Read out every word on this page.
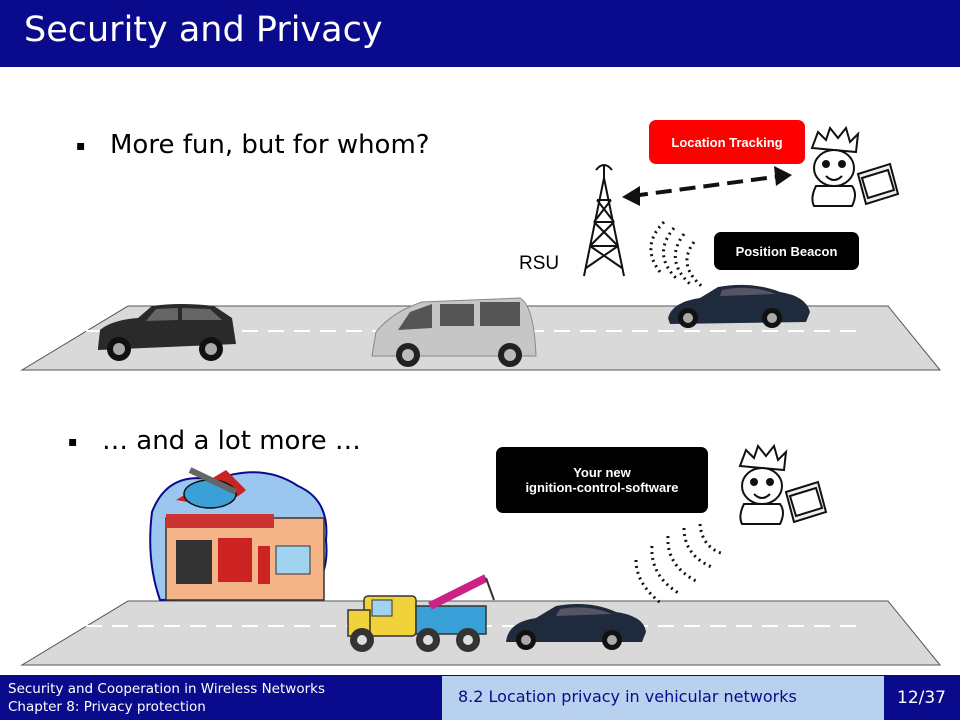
Security and Privacy
▪ More fun, but for whom?
▪ … and a lot more …
Location Tracking
Position Beacon
Your new
ignition-control-software
RSU
Security and Cooperation in Wireless Networks
Chapter 8: Privacy protection
8.2 Location privacy in vehicular networks	12/37
